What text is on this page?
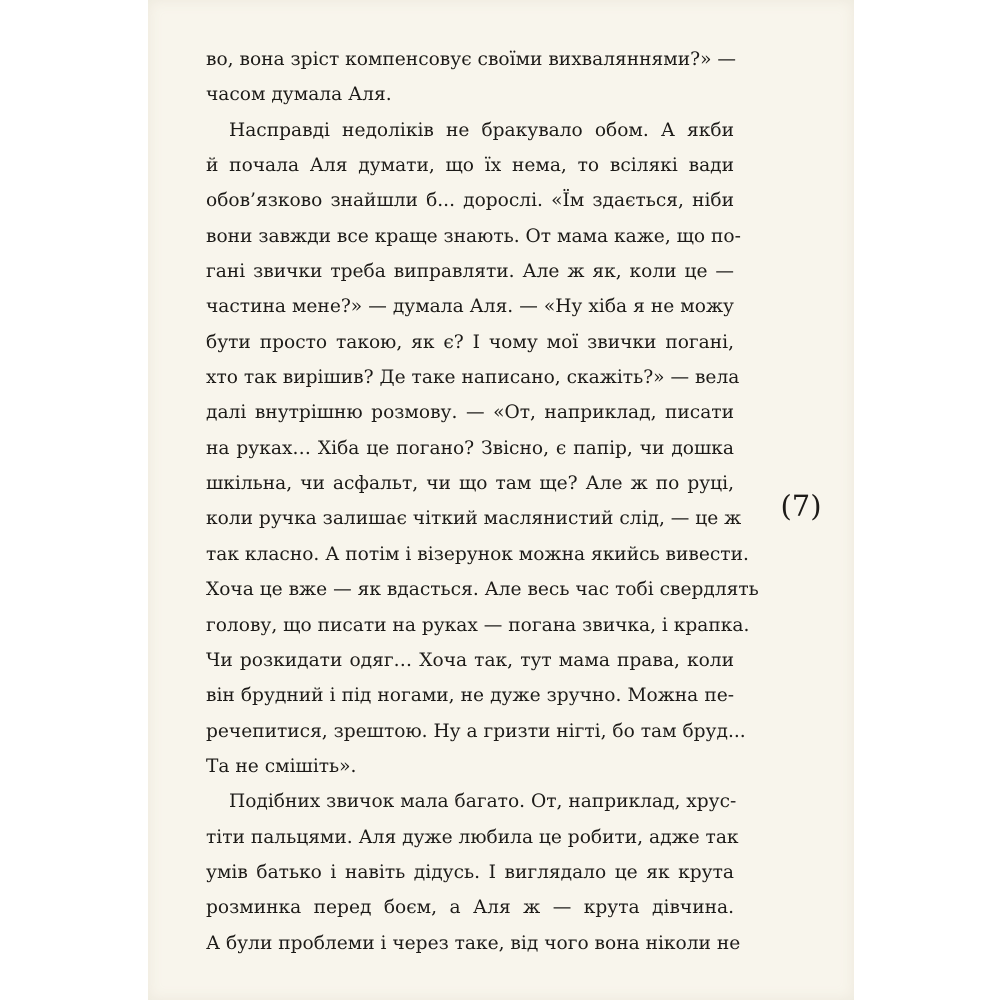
во, вона зріст компенсовує своїми вихваляннями?» —
часом думала Аля.
Насправді недоліків не бракувало обом. А якби
й почала Аля думати, що їх нема, то всілякі вади
обов’язково знайшли б... дорослі. «Їм здається, ніби
вони завжди все краще знають. От мама каже, що по-
гані звички треба виправляти. Але ж як, коли це —
частина мене?» — думала Аля. — «Ну хіба я не можу
бути просто такою, як є? І чому мої звички погані,
хто так вирішив? Де таке написано, скажіть?» — вела
далі внутрішню розмову. — «От, наприклад, писати
на руках… Хіба це погано? Звісно, є папір, чи дошка
шкільна, чи асфальт, чи що там ще? Але ж по руці,
коли ручка залишає чіткий маслянистий слід, — це ж
так класно. А потім і візерунок можна якийсь вивести.
Хоча це вже — як вдасться. Але весь час тобі свердлять
голову, що писати на руках — погана звичка, і крапка.
Чи розкидати одяг… Хоча так, тут мама права, коли
він брудний і під ногами, не дуже зручно. Можна пе-
речепитися, зрештою. Ну а гризти нігті, бо там бруд...
Та не смішіть».
Подібних звичок мала багато. От, наприклад, хрус-
тіти пальцями. Аля дуже любила це робити, адже так
умів батько і навіть дідусь. І виглядало це як крута
розминка перед боєм, а Аля ж — крута дівчина.
А були проблеми і через таке, від чого вона ніколи не
(7)
